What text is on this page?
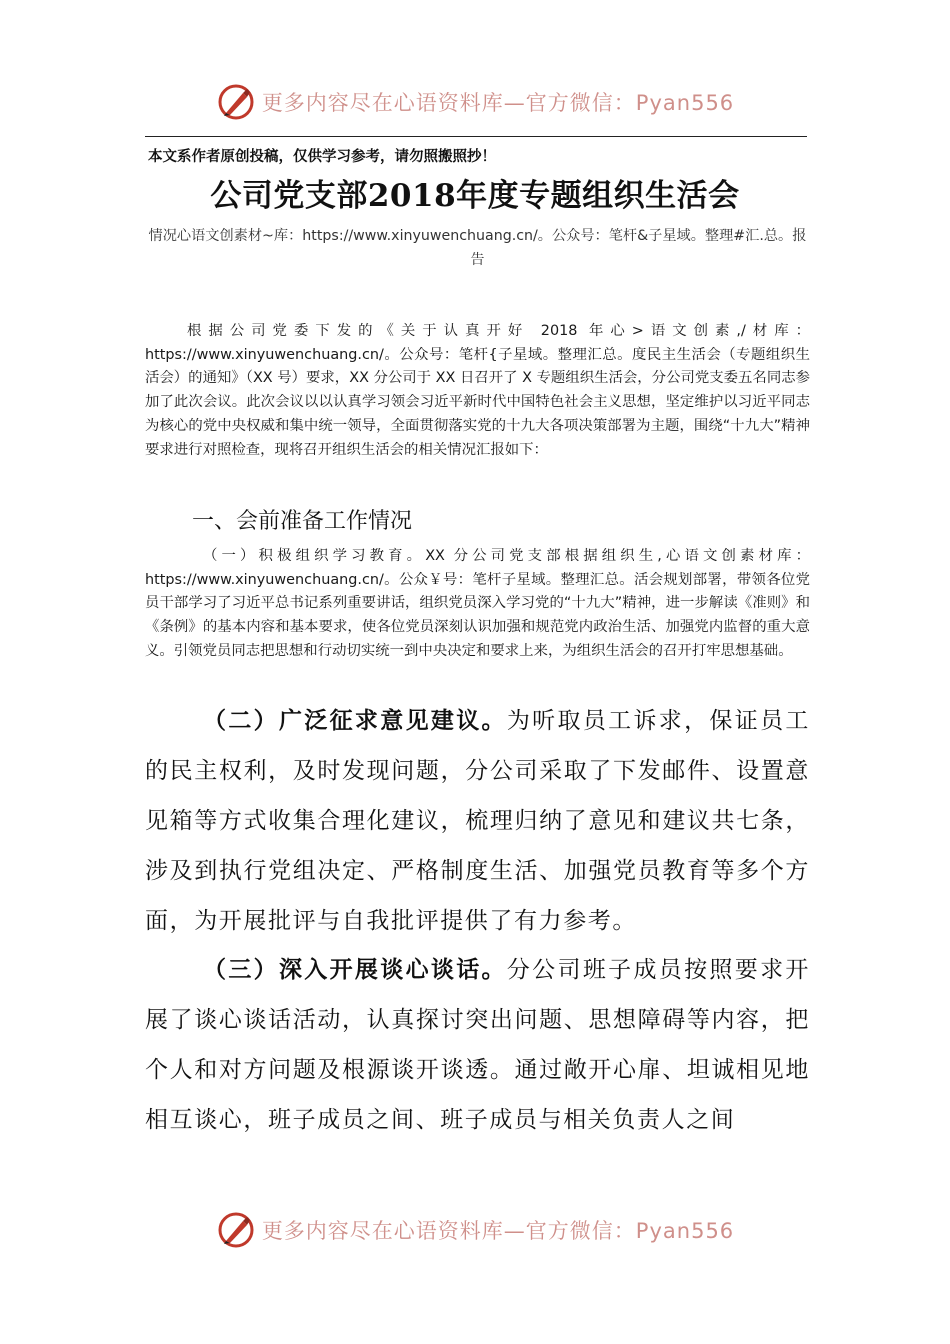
更多内容尽在心语资料库—官方微信：Pyan556
本文系作者原创投稿，仅供学习参考，请勿照搬照抄！
公司党支部2018年度专题组织生活会
情况心语文创素材~库：https://www.xinyuwenchuang.cn/。公众号：笔杆&子星域。整理#汇.总。报告
根据公司党委下发的《关于认真开好 2018 年心>语文创素,/材库：https://www.xinyuwenchuang.cn/。公众号：笔杆{子星域。整理汇总。度民主生活会（专题组织生活会）的通知》（XX 号）要求，XX 分公司于 XX 日召开了 X 专题组织生活会，分公司党支委五名同志参加了此次会议。此次会议以以认真学习领会习近平新时代中国特色社会主义思想，坚定维护以习近平同志为核心的党中央权威和集中统一领导，全面贯彻落实党的十九大各项决策部署为主题，围绕“十九大”精神要求进行对照检查，现将召开组织生活会的相关情况汇报如下：
一、会前准备工作情况
（一）积极组织学习教育。XX 分公司党支部根据组织生,心语文创素材库：https://www.xinyuwenchuang.cn/。公众￥号：笔杆子星域。整理汇总。活会规划部署，带领各位党员干部学习了习近平总书记系列重要讲话，组织党员深入学习党的“十九大”精神，进一步解读《准则》和《条例》的基本内容和基本要求，使各位党员深刻认识加强和规范党内政治生活、加强党内监督的重大意义。引领党员同志把思想和行动切实统一到中央决定和要求上来，为组织生活会的召开打牢思想基础。
（二）广泛征求意见建议。为听取员工诉求，保证员工的民主权利，及时发现问题，分公司采取了下发邮件、设置意见箱等方式收集合理化建议，梳理归纳了意见和建议共七条，涉及到执行党组决定、严格制度生活、加强党员教育等多个方面，为开展批评与自我批评提供了有力参考。
（三）深入开展谈心谈话。分公司班子成员按照要求开展了谈心谈话活动，认真探讨突出问题、思想障碍等内容，把个人和对方问题及根源谈开谈透。通过敞开心扉、坦诚相见地相互谈心，班子成员之间、班子成员与相关负责人之间
更多内容尽在心语资料库—官方微信：Pyan556
